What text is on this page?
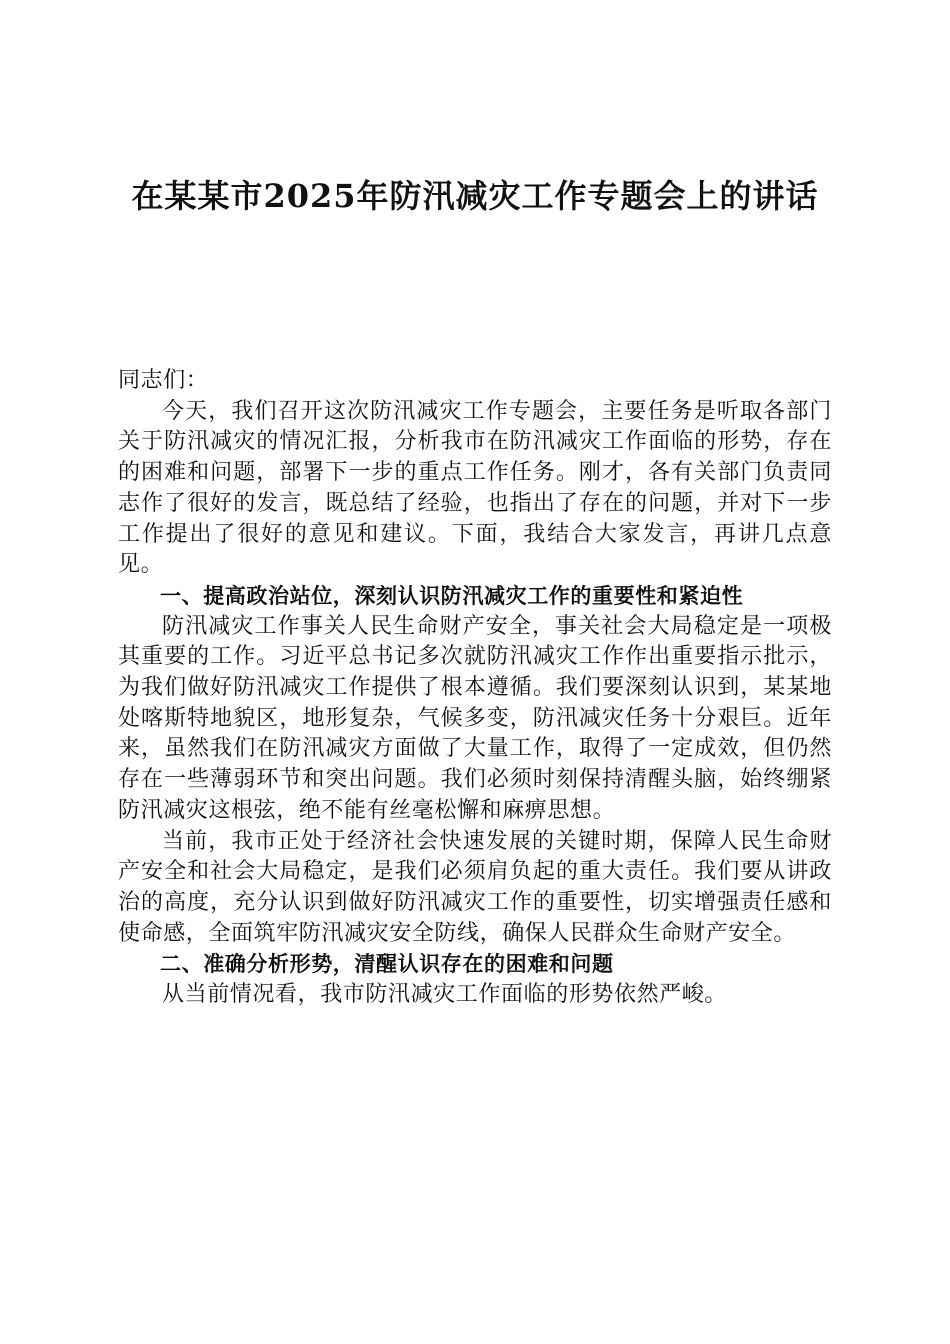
在某某市2025年防汛减灾工作专题会上的讲话

同志们：

今天，我们召开这次防汛减灾工作专题会，主要任务是听取各部门关于防汛减灾的情况汇报，分析我市在防汛减灾工作面临的形势，存在的困难和问题，部署下一步的重点工作任务。刚才，各有关部门负责同志作了很好的发言，既总结了经验，也指出了存在的问题，并对下一步工作提出了很好的意见和建议。下面，我结合大家发言，再讲几点意见。

一、提高政治站位，深刻认识防汛减灾工作的重要性和紧迫性

防汛减灾工作事关人民生命财产安全，事关社会大局稳定是一项极其重要的工作。习近平总书记多次就防汛减灾工作作出重要指示批示，为我们做好防汛减灾工作提供了根本遵循。我们要深刻认识到，某某地处喀斯特地貌区，地形复杂，气候多变，防汛减灾任务十分艰巨。近年来，虽然我们在防汛减灾方面做了大量工作，取得了一定成效，但仍然存在一些薄弱环节和突出问题。我们必须时刻保持清醒头脑，始终绷紧防汛减灾这根弦，绝不能有丝毫松懈和麻痹思想。

当前，我市正处于经济社会快速发展的关键时期，保障人民生命财产安全和社会大局稳定，是我们必须肩负起的重大责任。我们要从讲政治的高度，充分认识到做好防汛减灾工作的重要性，切实增强责任感和使命感，全面筑牢防汛减灾安全防线，确保人民群众生命财产安全。

二、准确分析形势，清醒认识存在的困难和问题

从当前情况看，我市防汛减灾工作面临的形势依然严峻。
